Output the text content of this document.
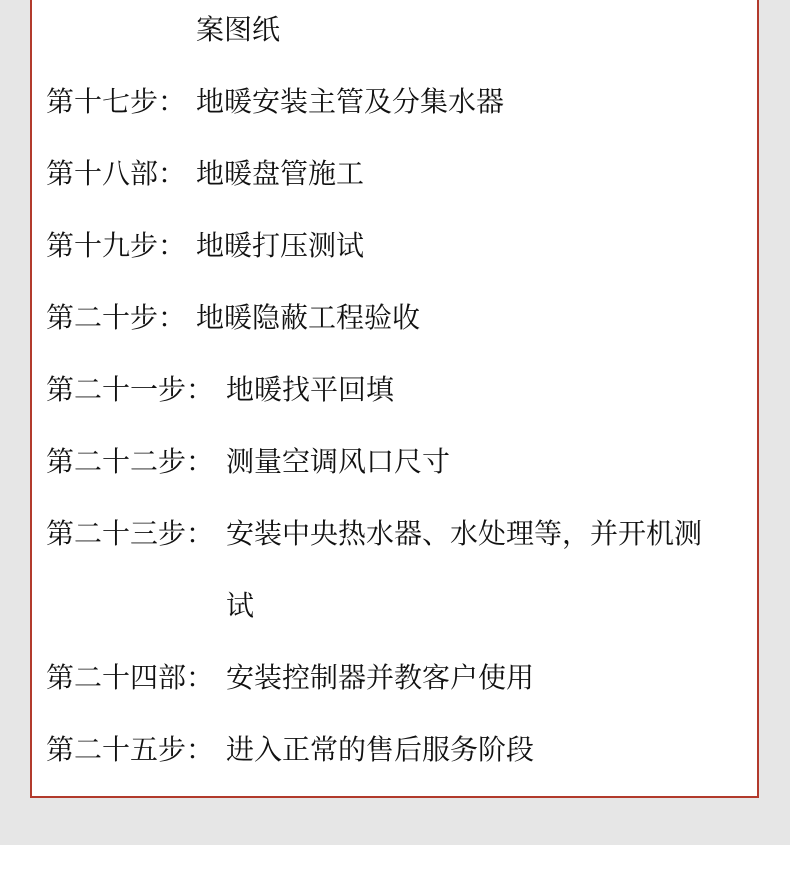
案图纸
第十七步： 地暖安装主管及分集水器
第十八部： 地暖盘管施工
第十九步： 地暖打压测试
第二十步： 地暖隐蔽工程验收
第二十一步： 地暖找平回填
第二十二步： 测量空调风口尺寸
第二十三步： 安装中央热水器、水处理等，并开机测
试
第二十四部： 安装控制器并教客户使用
第二十五步： 进入正常的售后服务阶段
